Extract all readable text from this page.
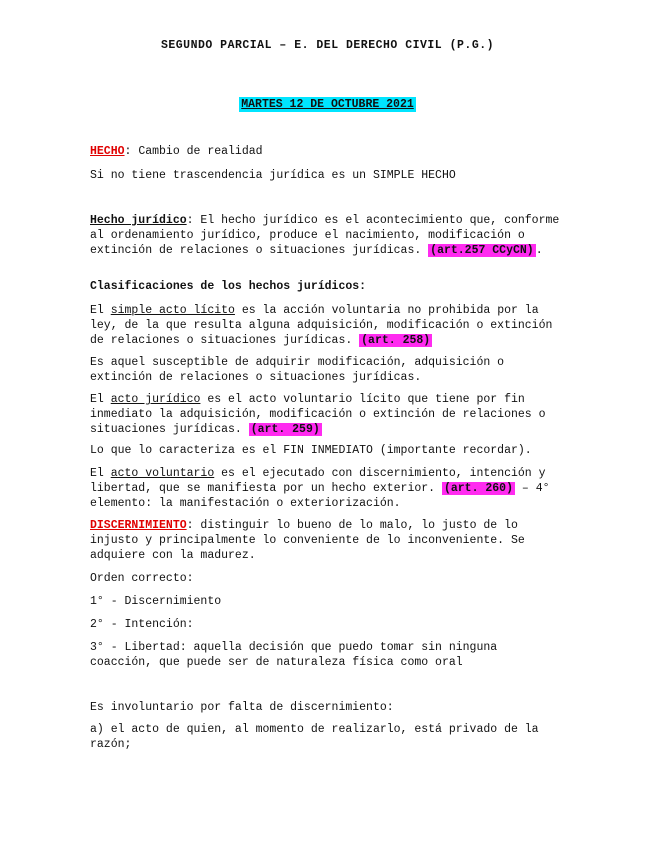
SEGUNDO PARCIAL – E. DEL DERECHO CIVIL (P.G.)
MARTES 12 DE OCTUBRE 2021
HECHO: Cambio de realidad
Si no tiene trascendencia jurídica es un SIMPLE HECHO
Hecho jurídico: El hecho jurídico es el acontecimiento que, conforme al ordenamiento jurídico, produce el nacimiento, modificación o extinción de relaciones o situaciones jurídicas. (art.257 CCyCN) .
Clasificaciones de los hechos jurídicos:
El simple acto lícito es la acción voluntaria no prohibida por la ley, de la que resulta alguna adquisición, modificación o extinción de relaciones o situaciones jurídicas. (art. 258)
Es aquel susceptible de adquirir modificación, adquisición o extinción de relaciones o situaciones jurídicas.
El acto jurídico es el acto voluntario lícito que tiene por fin inmediato la adquisición, modificación o extinción de relaciones o situaciones jurídicas. (art. 259)
Lo que lo caracteriza es el FIN INMEDIATO (importante recordar).
El acto voluntario es el ejecutado con discernimiento, intención y libertad, que se manifiesta por un hecho exterior. (art. 260) – 4° elemento: la manifestación o exteriorización.
DISCERNIMIENTO: distinguir lo bueno de lo malo, lo justo de lo injusto y principalmente lo conveniente de lo inconveniente. Se adquiere con la madurez.
Orden correcto:
1° - Discernimiento
2° - Intención:
3° - Libertad: aquella decisión que puedo tomar sin ninguna coacción, que puede ser de naturaleza física como oral
Es involuntario por falta de discernimiento:
a) el acto de quien, al momento de realizarlo, está privado de la razón;
